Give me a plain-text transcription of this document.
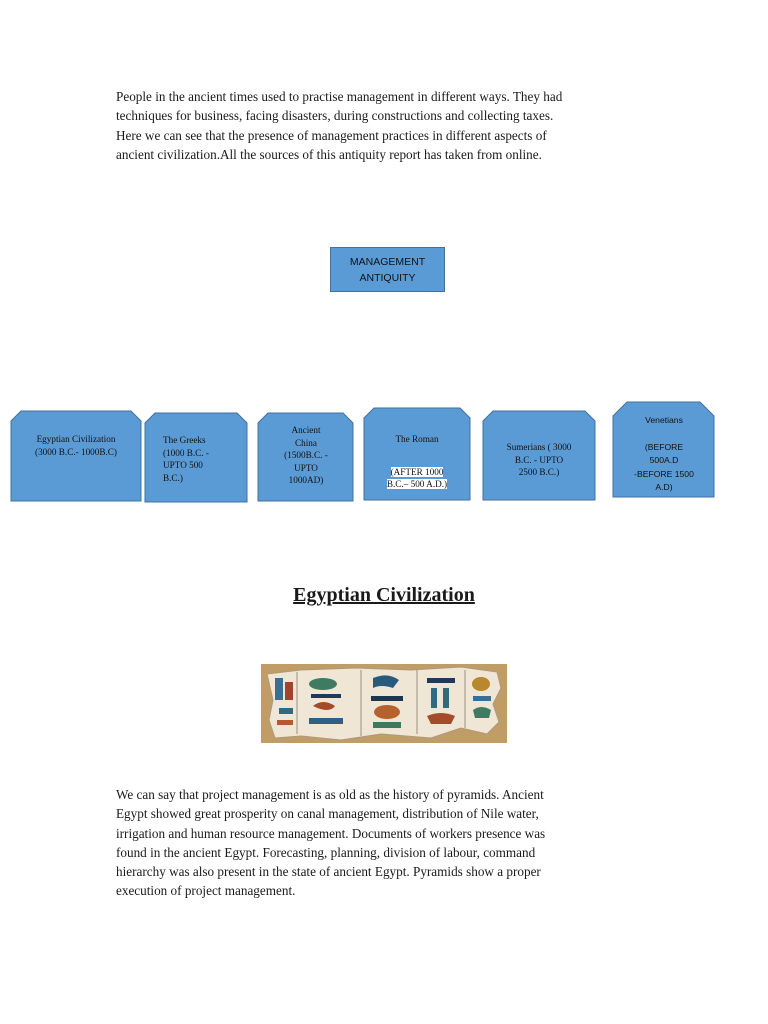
People in the ancient times used to practise management in different ways. They had
techniques for business, facing disasters, during constructions and collecting taxes.
Here we can see that the presence of management practices in different aspects of
ancient civilization.All the sources of this antiquity report has taken from online.

MANAGEMENT
ANTIQUITY
Egyptian Civilization
(3000 B.C.- 1000B.C)
The Greeks
(1000 B.C. -
UPTO 500
B.C.)
Ancient
China
(1500B.C. -
UPTO
1000AD)

The Roman

(AFTER 1000
B.C.– 500 A.D.)

Sumerians ( 3000
B.C. - UPTO
2500 B.C.)
Venetians

(BEFORE
500A.D
-BEFORE 1500
A.D)
Egyptian Civilization

We can say that project management is as old as the history of pyramids. Ancient
Egypt showed great prosperity on canal management, distribution of Nile water,
irrigation and human resource management. Documents of workers presence was
found in the ancient Egypt. Forecasting, planning, division of labour, command
hierarchy was also present in the state of ancient Egypt. Pyramids show a proper
execution of project management.
